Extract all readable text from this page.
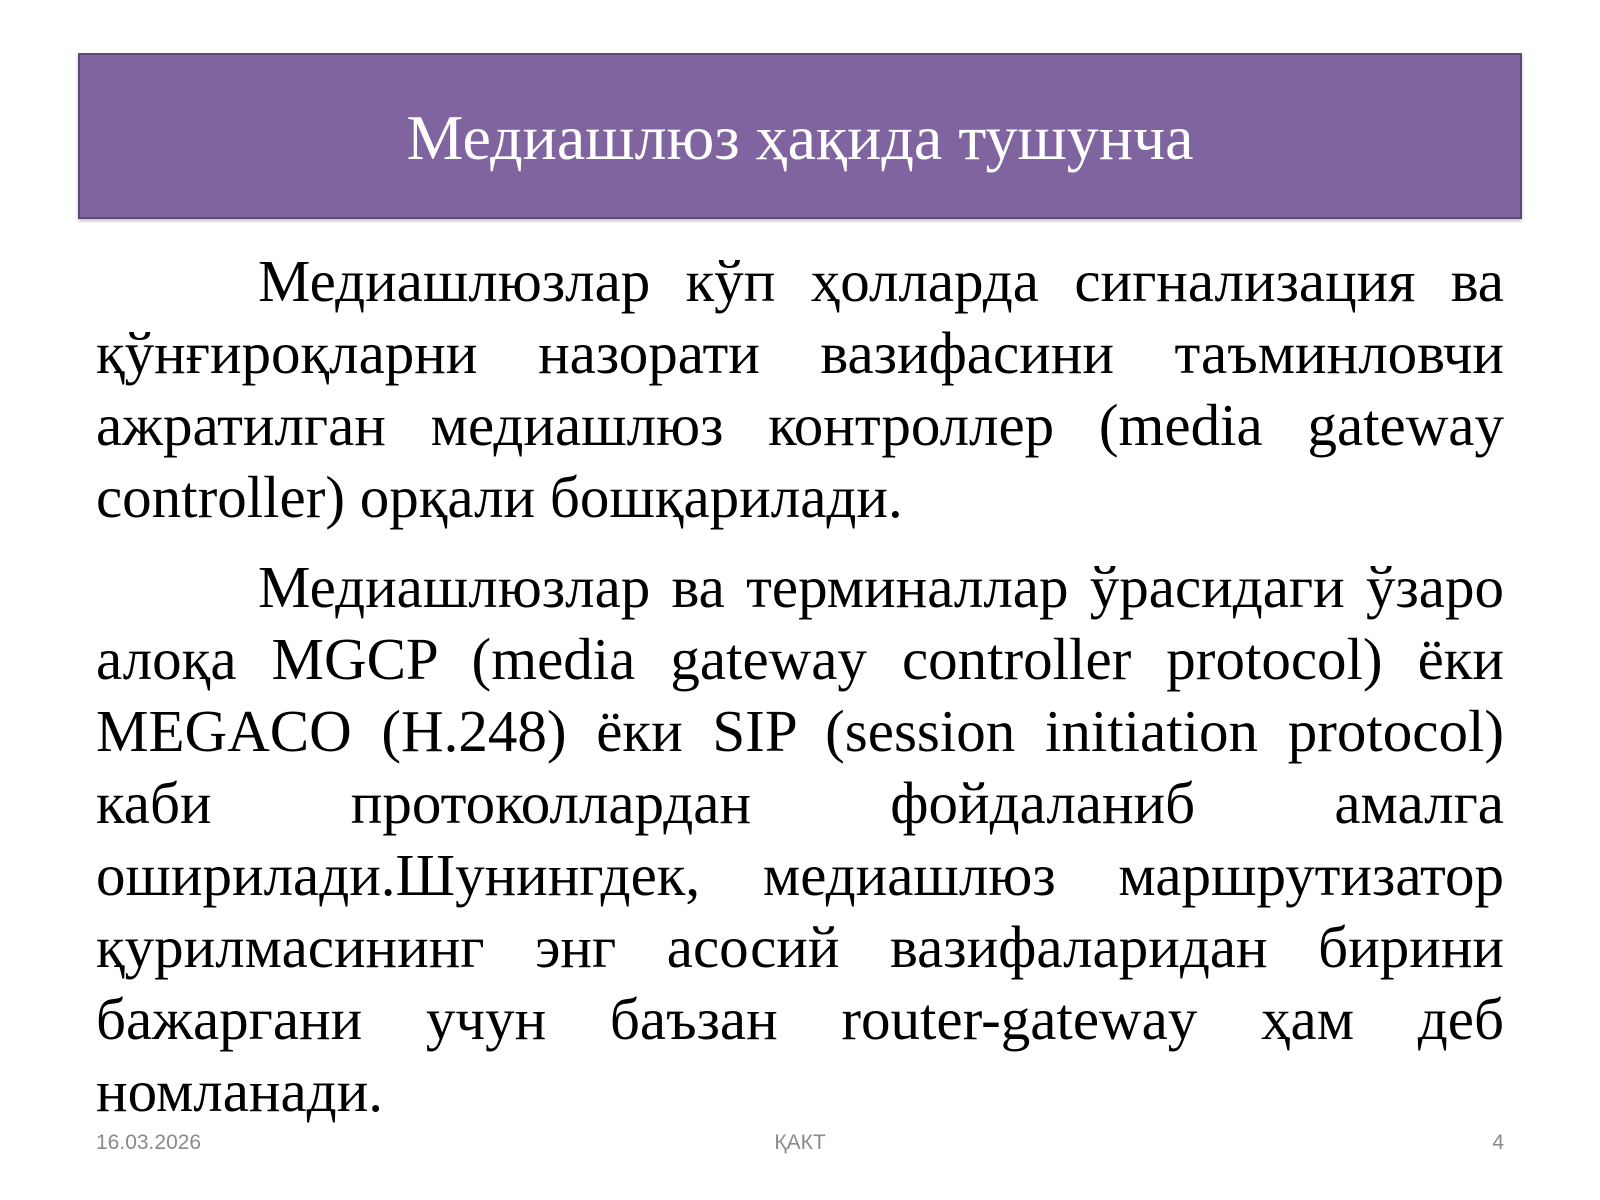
Медиашлюз ҳақида тушунча

Медиашлюзлар кўп ҳолларда сигнализация ва қўнғироқларни назорати вазифасини таъминловчи ажратилган медиашлюз контроллер (media gateway controller) орқали бошқарилади.

Медиашлюзлар ва терминаллар ўрасидаги ўзаро алоқа MGCP (media gateway controller protocol) ёки MEGACO (H.248) ёки SIP (session initiation protocol) каби протоколлардан фойдаланиб амалга оширилади.Шунингдек, медиашлюз маршрутизатор қурилмасининг энг асосий вазифаларидан бирини бажаргани учун баъзан router-gateway ҳам деб номланади.

16.03.2026	ҚАКТ	4
